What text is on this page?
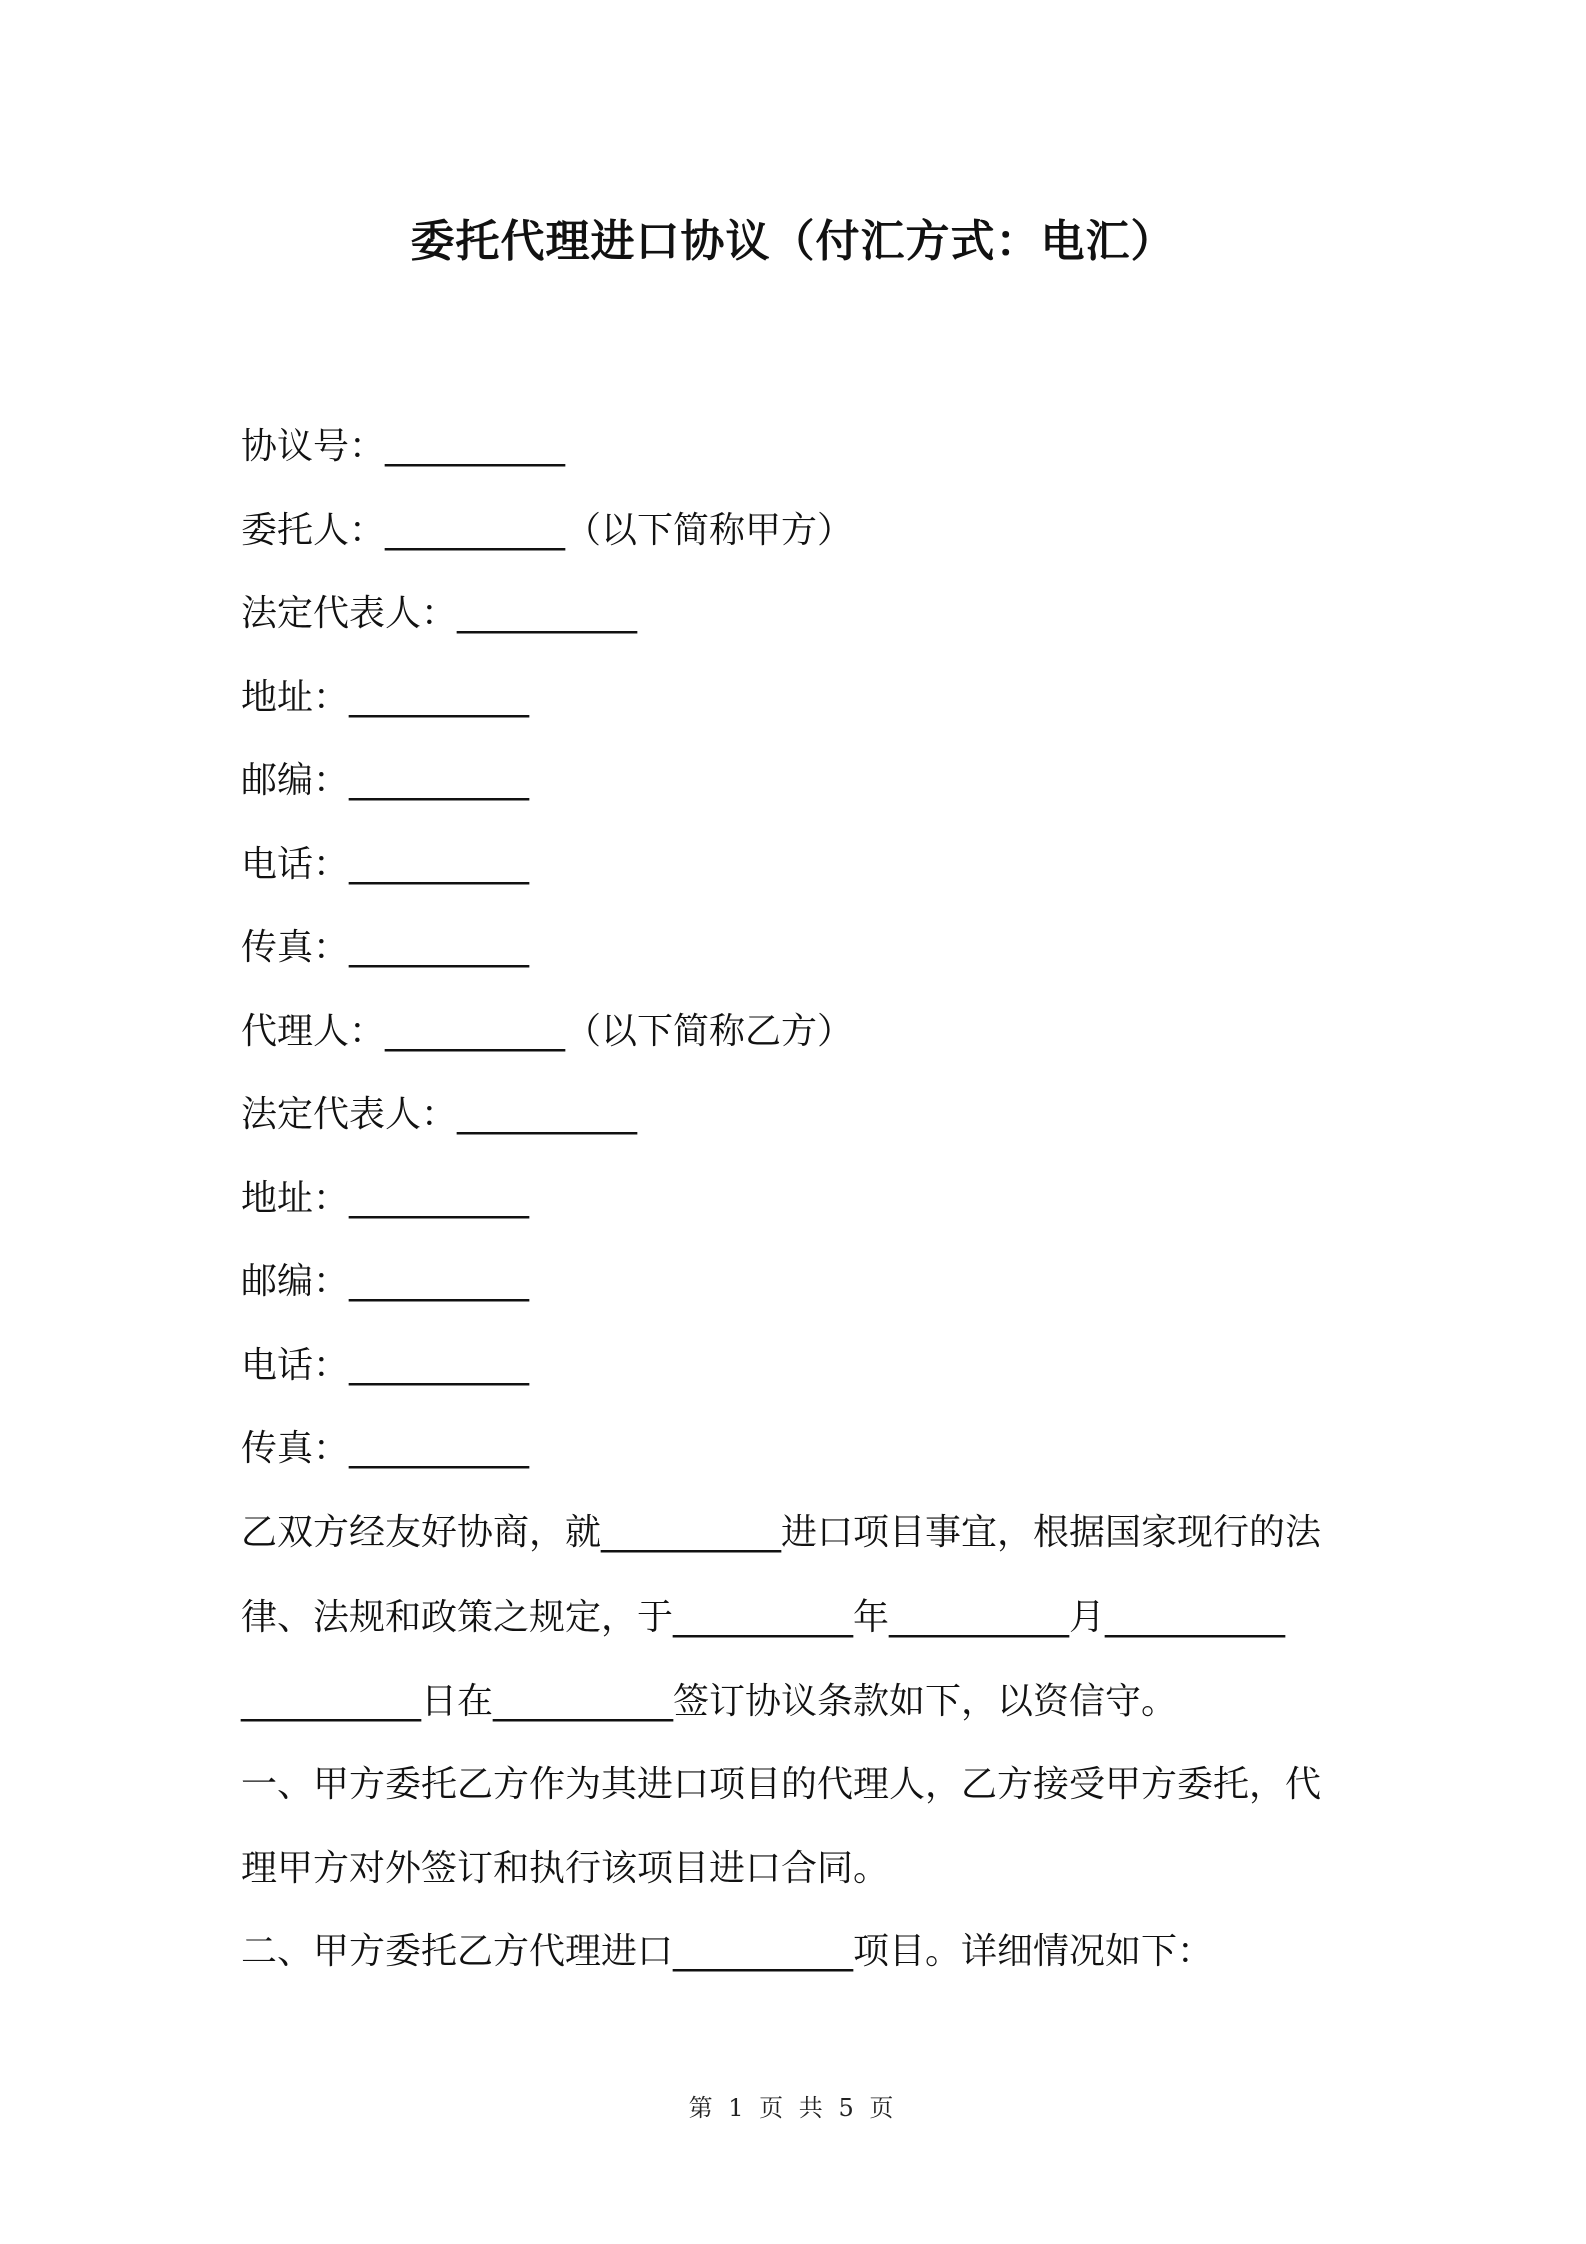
委托代理进口协议（付汇方式：电汇）
协议号：__________
委托人：__________（以下简称甲方）
法定代表人：__________
地址：__________
邮编：__________
电话：__________
传真：__________
代理人：__________（以下简称乙方）
法定代表人：__________
地址：__________
邮编：__________
电话：__________
传真：__________
乙双方经友好协商，就__________进口项目事宜，根据国家现行的法
律、法规和政策之规定，于__________年__________月__________
__________日在__________签订协议条款如下，以资信守。
一、甲方委托乙方作为其进口项目的代理人，乙方接受甲方委托，代
理甲方对外签订和执行该项目进口合同。
二、甲方委托乙方代理进口__________项目。详细情况如下：
第 1 页 共 5 页
